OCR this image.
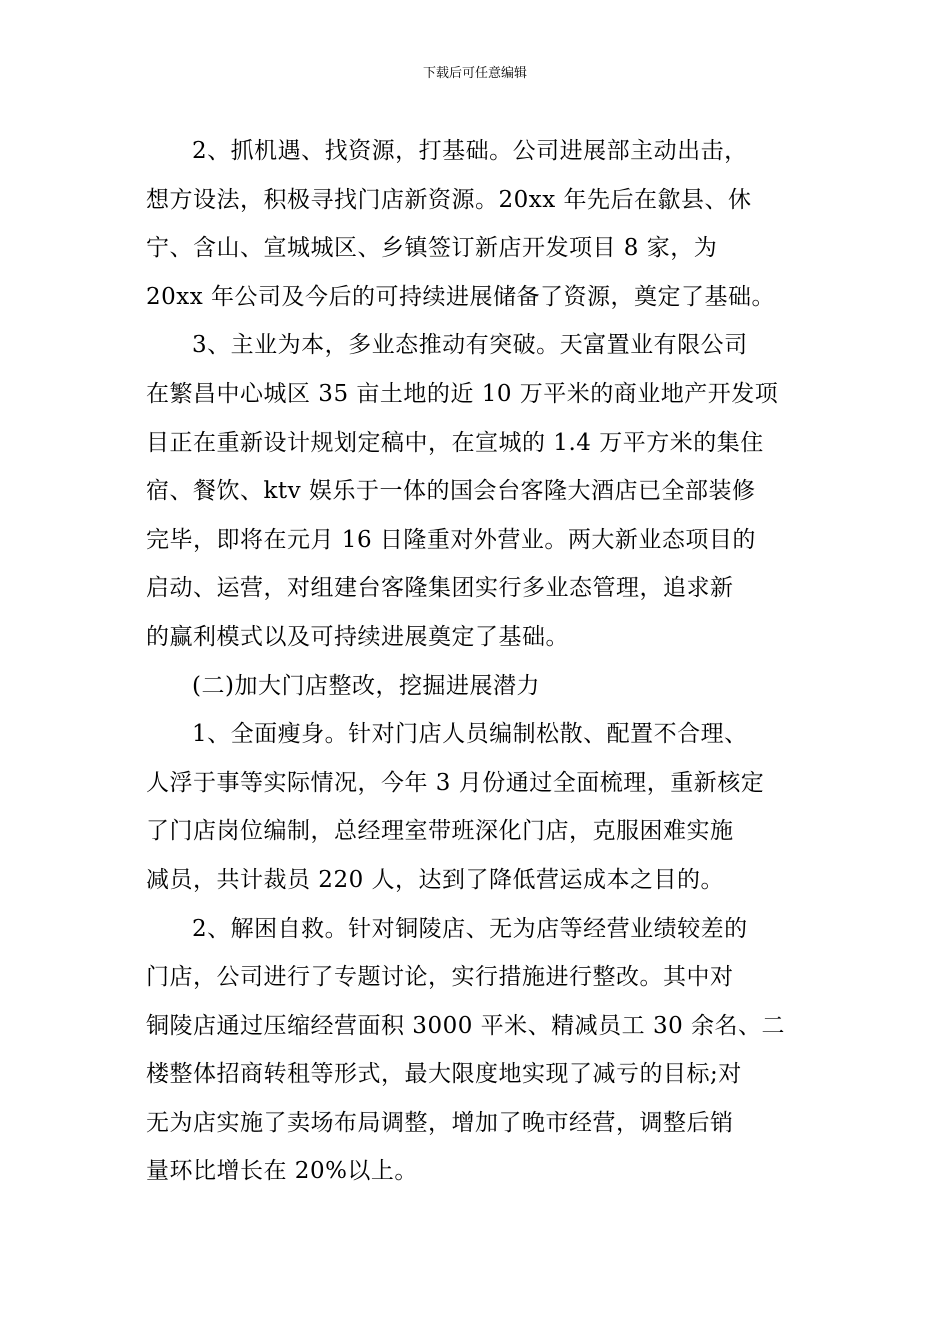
下载后可任意编辑

2、抓机遇、找资源，打基础。公司进展部主动出击，
想方设法，积极寻找门店新资源。20xx 年先后在歙县、休
宁、含山、宣城城区、乡镇签订新店开发项目 8 家，为
20xx 年公司及今后的可持续进展储备了资源，奠定了基础。

3、主业为本，多业态推动有突破。天富置业有限公司
在繁昌中心城区 35 亩土地的近 10 万平米的商业地产开发项
目正在重新设计规划定稿中，在宣城的 1.4 万平方米的集住
宿、餐饮、ktv 娱乐于一体的国会台客隆大酒店已全部装修
完毕，即将在元月 16 日隆重对外营业。两大新业态项目的
启动、运营，对组建台客隆集团实行多业态管理，追求新
的赢利模式以及可持续进展奠定了基础。

(二)加大门店整改，挖掘进展潜力

1、全面瘦身。针对门店人员编制松散、配置不合理、
人浮于事等实际情况，今年 3 月份通过全面梳理，重新核定
了门店岗位编制，总经理室带班深化门店，克服困难实施
减员，共计裁员 220 人，达到了降低营运成本之目的。

2、解困自救。针对铜陵店、无为店等经营业绩较差的
门店，公司进行了专题讨论，实行措施进行整改。其中对
铜陵店通过压缩经营面积 3000 平米、精减员工 30 余名、二
楼整体招商转租等形式，最大限度地实现了减亏的目标;对
无为店实施了卖场布局调整，增加了晚市经营，调整后销
量环比增长在 20%以上。
